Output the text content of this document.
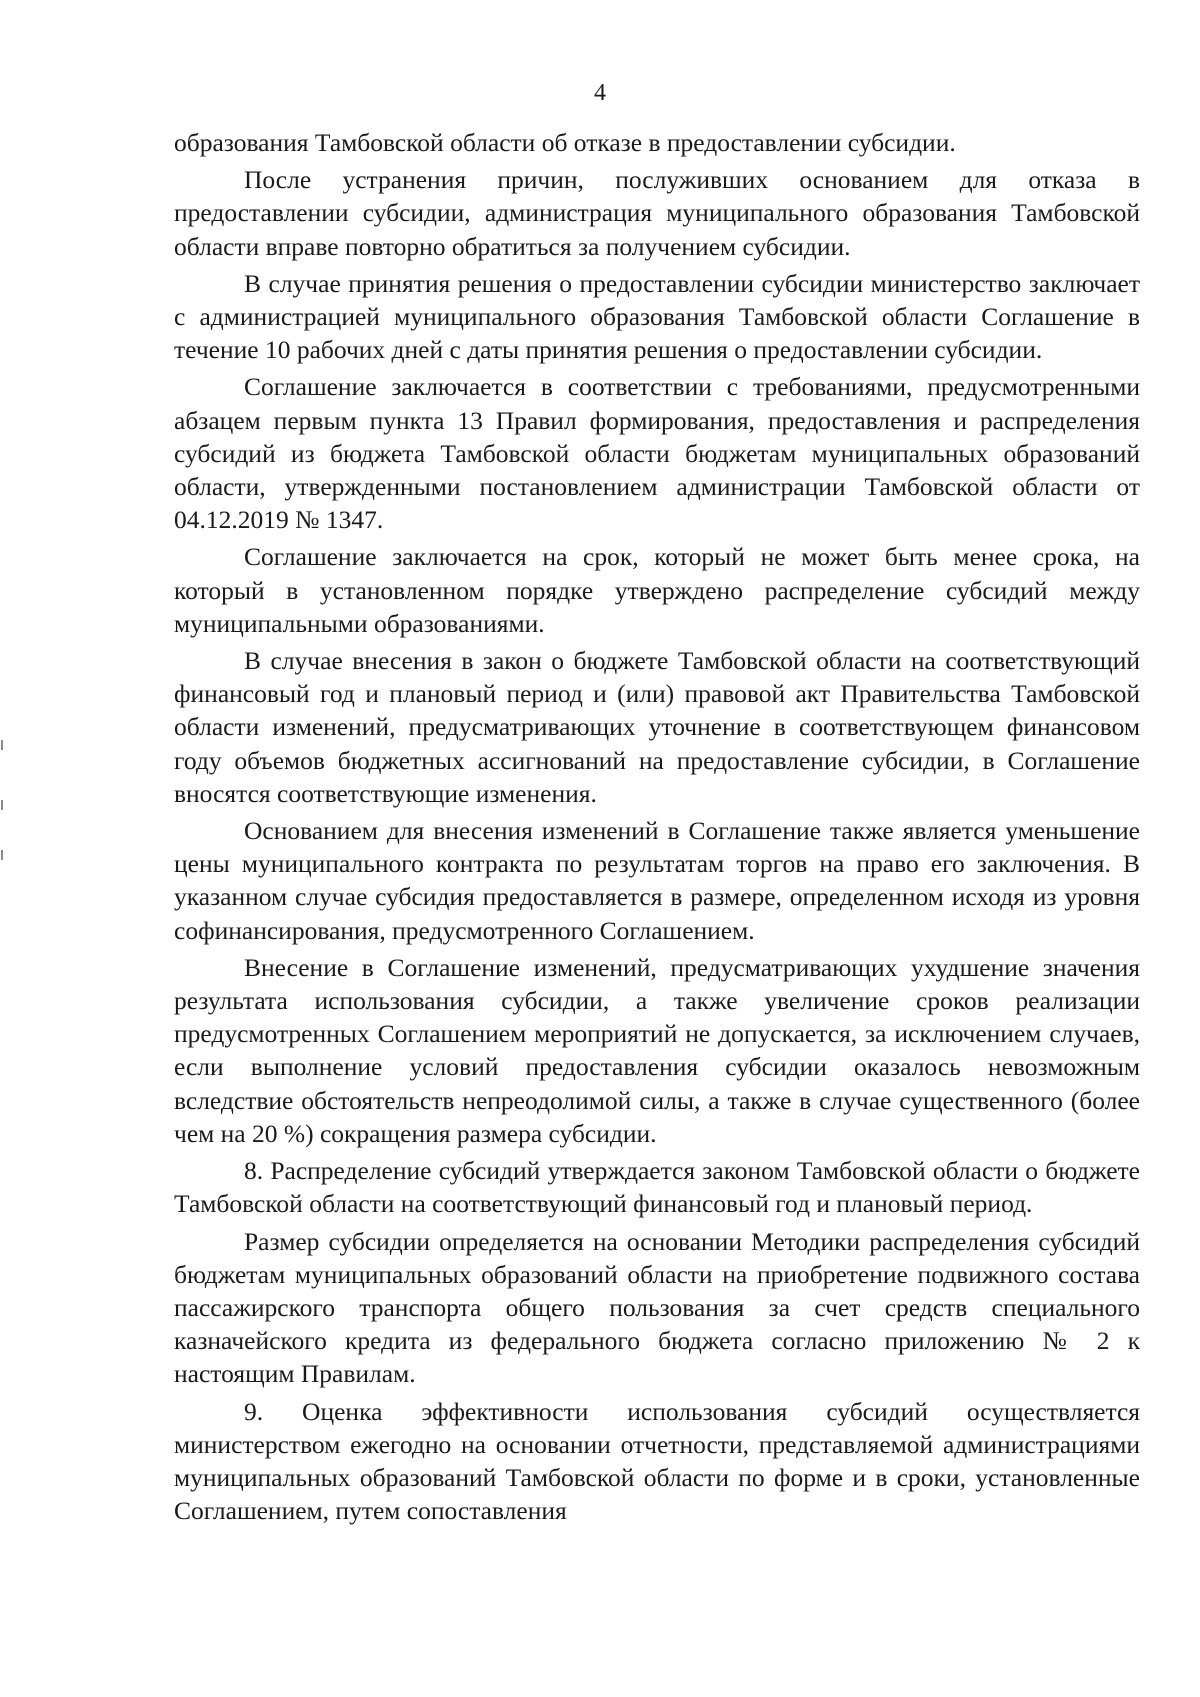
4

образования Тамбовской области об отказе в предоставлении субсидии.

После устранения причин, послуживших основанием для отказа в предоставлении субсидии, администрация муниципального образования Тамбовской области вправе повторно обратиться за получением субсидии.

В случае принятия решения о предоставлении субсидии министерство заключает с администрацией муниципального образования Тамбовской области Соглашение в течение 10 рабочих дней с даты принятия решения о предоставлении субсидии.

Соглашение заключается в соответствии с требованиями, предусмотренными абзацем первым пункта 13 Правил формирования, предоставления и распределения субсидий из бюджета Тамбовской области бюджетам муниципальных образований области, утвержденными постановлением администрации Тамбовской области от 04.12.2019 № 1347.

Соглашение заключается на срок, который не может быть менее срока, на который в установленном порядке утверждено распределение субсидий между муниципальными образованиями.

В случае внесения в закон о бюджете Тамбовской области на соответствующий финансовый год и плановый период и (или) правовой акт Правительства Тамбовской области изменений, предусматривающих уточнение в соответствующем финансовом году объемов бюджетных ассигнований на предоставление субсидии, в Соглашение вносятся соответствующие изменения.

Основанием для внесения изменений в Соглашение также является уменьшение цены муниципального контракта по результатам торгов на право его заключения. В указанном случае субсидия предоставляется в размере, определенном исходя из уровня софинансирования, предусмотренного Соглашением.

Внесение в Соглашение изменений, предусматривающих ухудшение значения результата использования субсидии, а также увеличение сроков реализации предусмотренных Соглашением мероприятий не допускается, за исключением случаев, если выполнение условий предоставления субсидии оказалось невозможным вследствие обстоятельств непреодолимой силы, а также в случае существенного (более чем на 20 %) сокращения размера субсидии.

8. Распределение субсидий утверждается законом Тамбовской области о бюджете Тамбовской области на соответствующий финансовый год и плановый период.

Размер субсидии определяется на основании Методики распределения субсидий бюджетам муниципальных образований области на приобретение подвижного состава пассажирского транспорта общего пользования за счет средств специального казначейского кредита из федерального бюджета согласно приложению № 2 к настоящим Правилам.

9. Оценка эффективности использования субсидий осуществляется министерством ежегодно на основании отчетности, представляемой администрациями муниципальных образований Тамбовской области по форме и в сроки, установленные Соглашением, путем сопоставления
